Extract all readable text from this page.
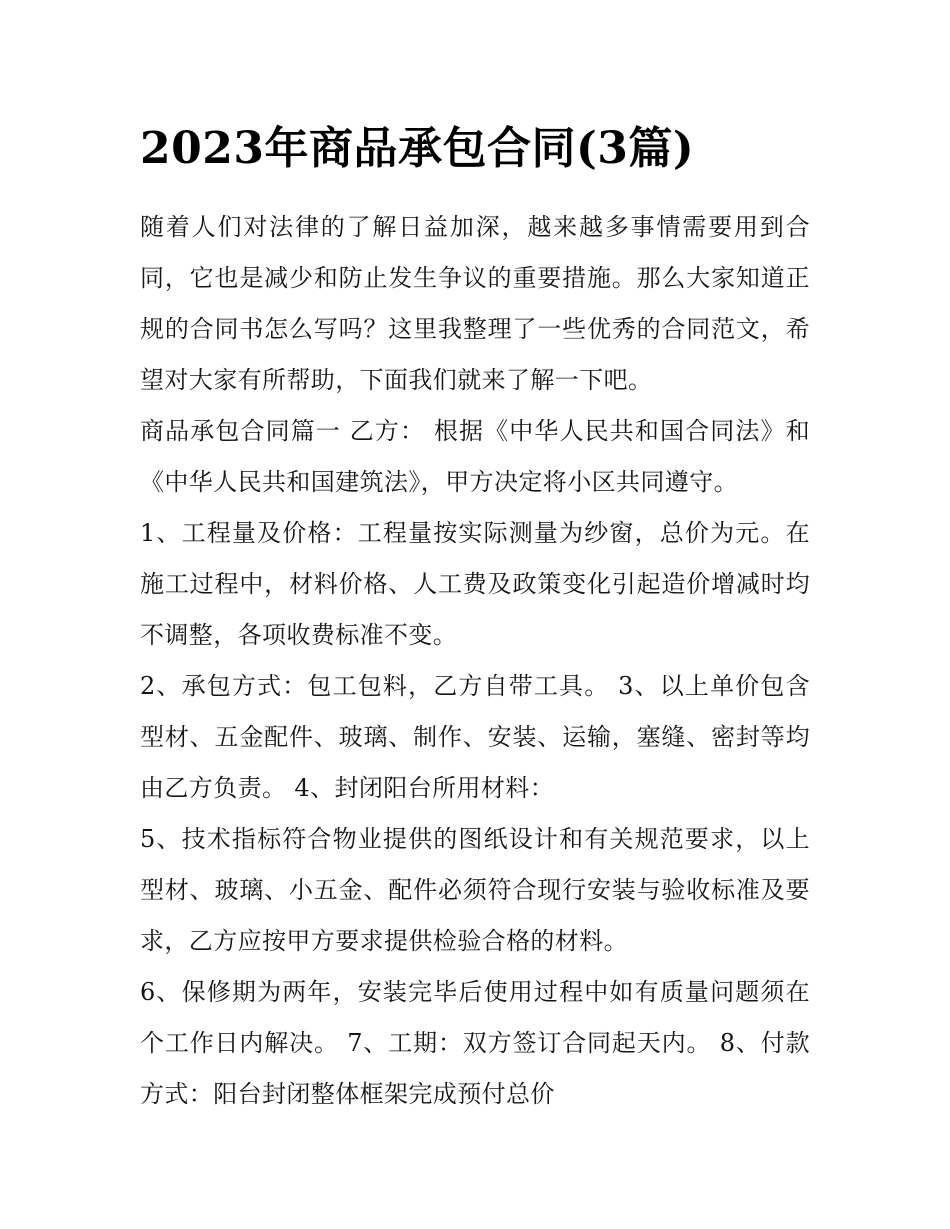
2023年商品承包合同(3篇)

随着人们对法律的了解日益加深，越来越多事情需要用到合同，它也是减少和防止发生争议的重要措施。那么大家知道正规的合同书怎么写吗？这里我整理了一些优秀的合同范文，希望对大家有所帮助，下面我们就来了解一下吧。

商品承包合同篇一 乙方： 根据《中华人民共和国合同法》和《中华人民共和国建筑法》，甲方决定将小区共同遵守。

1、工程量及价格：工程量按实际测量为纱窗，总价为元。在施工过程中，材料价格、人工费及政策变化引起造价增减时均不调整，各项收费标准不变。

2、承包方式：包工包料，乙方自带工具。 3、以上单价包含型材、五金配件、玻璃、制作、安装、运输，塞缝、密封等均由乙方负责。 4、封闭阳台所用材料：

5、技术指标符合物业提供的图纸设计和有关规范要求，以上型材、玻璃、小五金、配件必须符合现行安装与验收标准及要求，乙方应按甲方要求提供检验合格的材料。

6、保修期为两年，安装完毕后使用过程中如有质量问题须在个工作日内解决。 7、工期：双方签订合同起天内。 8、付款方式：阳台封闭整体框架完成预付总价
